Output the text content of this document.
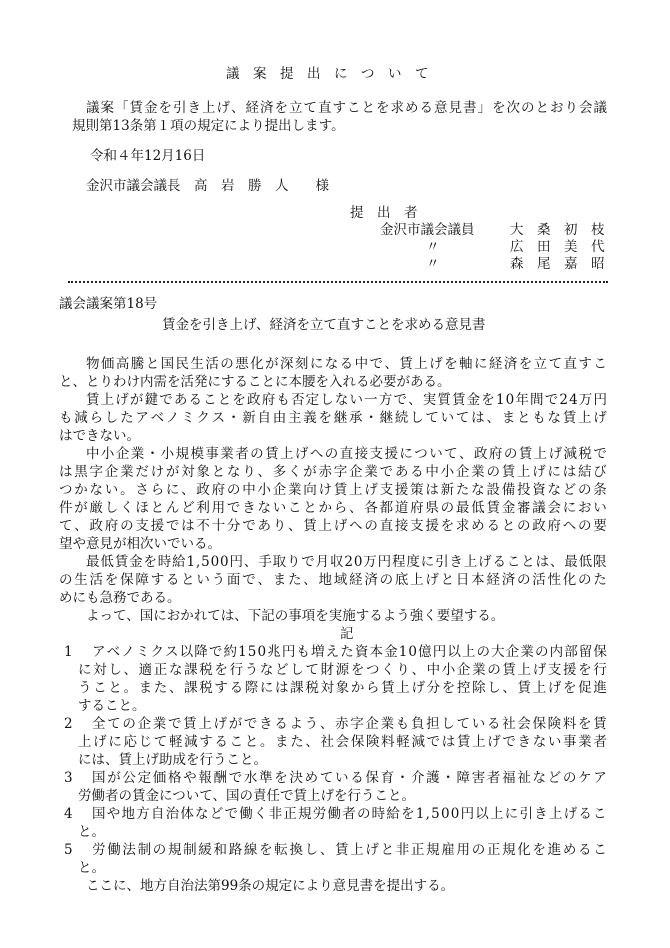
議　案　提　出　に　つ　い　て
議 案 「 賃 金 を 引 き 上 げ 、 経 済 を 立 て 直 す こ と を 求 め る 意 見 書 」 を 次 の と お り 会 議
規則第13条第１項の規定により提出します。
令和４年12月16日
金沢市議会議長　高　岩　勝　人　　様
提　出　者
金沢市議会議員
〃
〃
大　桑　初　枝
広　田　美　代
森　尾　嘉　昭
議会議案第18号
賃金を引き上げ、経済を立て直すことを求める意見書
物 価 高 騰 と 国 民 生 活 の 悪 化 が 深 刻 に な る 中 で 、 賃 上 げ を 軸 に 経 済 を 立 て 直 す こ
と、とりわけ内需を活発にすることに本腰を入れる必要がある。
賃 上 げ が 鍵 で あ る こ と を 政 府 も 否 定 し な い 一 方 で 、 実 質 賃 金 を 1 0 年 間 で 2 4 万 円
も 減 ら し た ア ベ ノ ミ ク ス ・ 新 自 由 主 義 を 継 承 ・ 継 続 し て い て は 、 ま と も な 賃 上 げ
はできない。
中 小 企 業 ・ 小 規 模 事 業 者 の 賃 上 げ へ の 直 接 支 援 に つ い て 、 政 府 の 賃 上 げ 減 税 で
は 黒 字 企 業 だ け が 対 象 と な り 、 多 く が 赤 字 企 業 で あ る 中 小 企 業 の 賃 上 げ に は 結 び
つ か な い 。 さ ら に 、 政 府 の 中 小 企 業 向 け 賃 上 げ 支 援 策 は 新 た な 設 備 投 資 な ど の 条
件 が 厳 し く ほ と ん ど 利 用 で き な い こ と か ら 、 各 都 道 府 県 の 最 低 賃 金 審 議 会 に お い
て 、 政 府 の 支 援 で は 不 十 分 で あ り 、 賃 上 げ へ の 直 接 支 援 を 求 め る と の 政 府 へ の 要
望や意見が相次いでいる。
最 低 賃 金 を 時 給 1 , 5 0 0 円 、 手 取 り で 月 収 2 0 万 円 程 度 に 引 き 上 げ る こ と は 、 最 低 限
の 生 活 を 保 障 す る と い う 面 で 、 ま た 、 地 域 経 済 の 底 上 げ と 日 本 経 済 の 活 性 化 の た
めにも急務である。
よって、国におかれては、下記の事項を実施するよう強く要望する。
記
ア ベ ノ ミ ク ス 以 降 で 約 1 5 0 兆 円 も 増 え た 資 本 金 1 0 億 円 以 上 の 大 企 業 の 内 部 留 保
に 対 し 、 適 正 な 課 税 を 行 う な ど し て 財 源 を つ く り 、 中 小 企 業 の 賃 上 げ 支 援 を 行
う こ と 。 ま た 、 課 税 す る 際 に は 課 税 対 象 か ら 賃 上 げ 分 を 控 除 し 、 賃 上 げ を 促 進
すること。
全 て の 企 業 で 賃 上 げ が で き る よ う 、 赤 字 企 業 も 負 担 し て い る 社 会 保 険 料 を 賃
上 げ に 応 じ て 軽 減 す る こ と 。 ま た 、 社 会 保 険 料 軽 減 で は 賃 上 げ で き な い 事 業 者
には、賃上げ助成を行うこと。
国 が 公 定 価 格 や 報 酬 で 水 準 を 決 め て い る 保 育 ・ 介 護 ・ 障 害 者 福 祉 な ど の ケ ア
労働者の賃金について、国の責任で賃上げを行うこと。
国 や 地 方 自 治 体 な ど で 働 く 非 正 規 労 働 者 の 時 給 を 1 , 5 0 0 円 以 上 に 引 き 上 げ る こ
と。
労 働 法 制 の 規 制 緩 和 路 線 を 転 換 し 、 賃 上 げ と 非 正 規 雇 用 の 正 規 化 を 進 め る こ
と。
ここに、地方自治法第99条の規定により意見書を提出する。
1
2
3
4
5
